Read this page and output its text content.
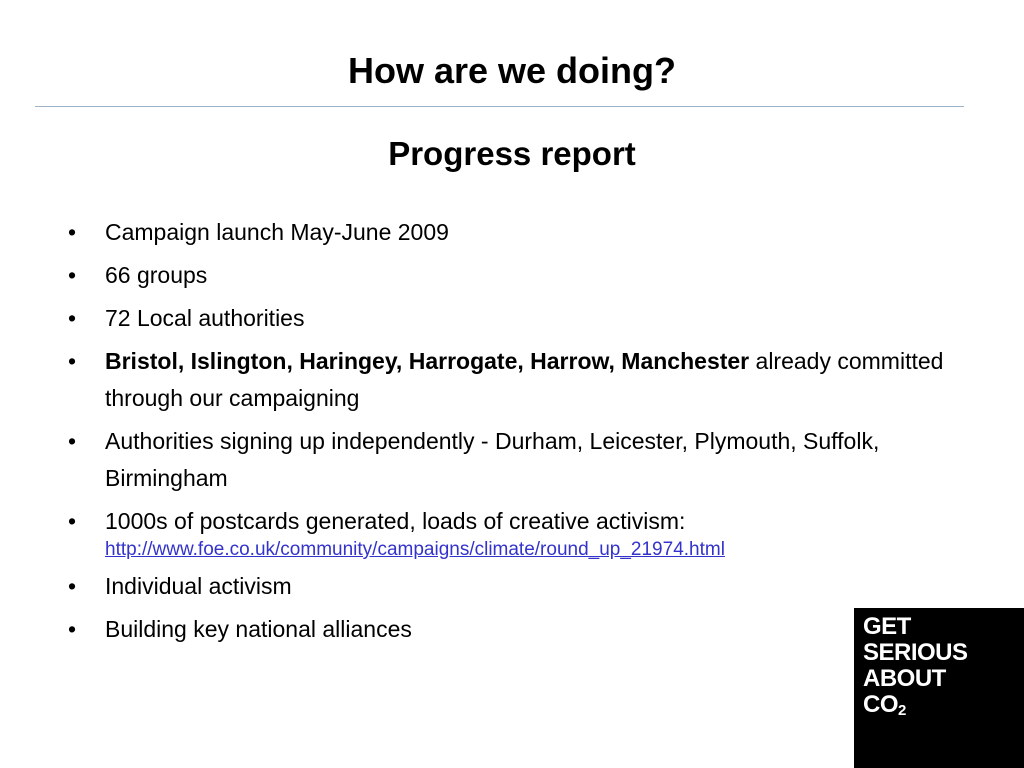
How are we doing?
Progress report
• Campaign launch May-June 2009
• 66 groups
• 72 Local authorities
• Bristol, Islington, Haringey, Harrogate, Harrow, Manchester already committed through our campaigning
• Authorities signing up independently - Durham, Leicester, Plymouth, Suffolk, Birmingham
• 1000s of postcards generated, loads of creative activism:
http://www.foe.co.uk/community/campaigns/climate/round_up_21974.html
• Individual activism
• Building key national alliances	GET
SERIOUS
ABOUT
$CO_2$
